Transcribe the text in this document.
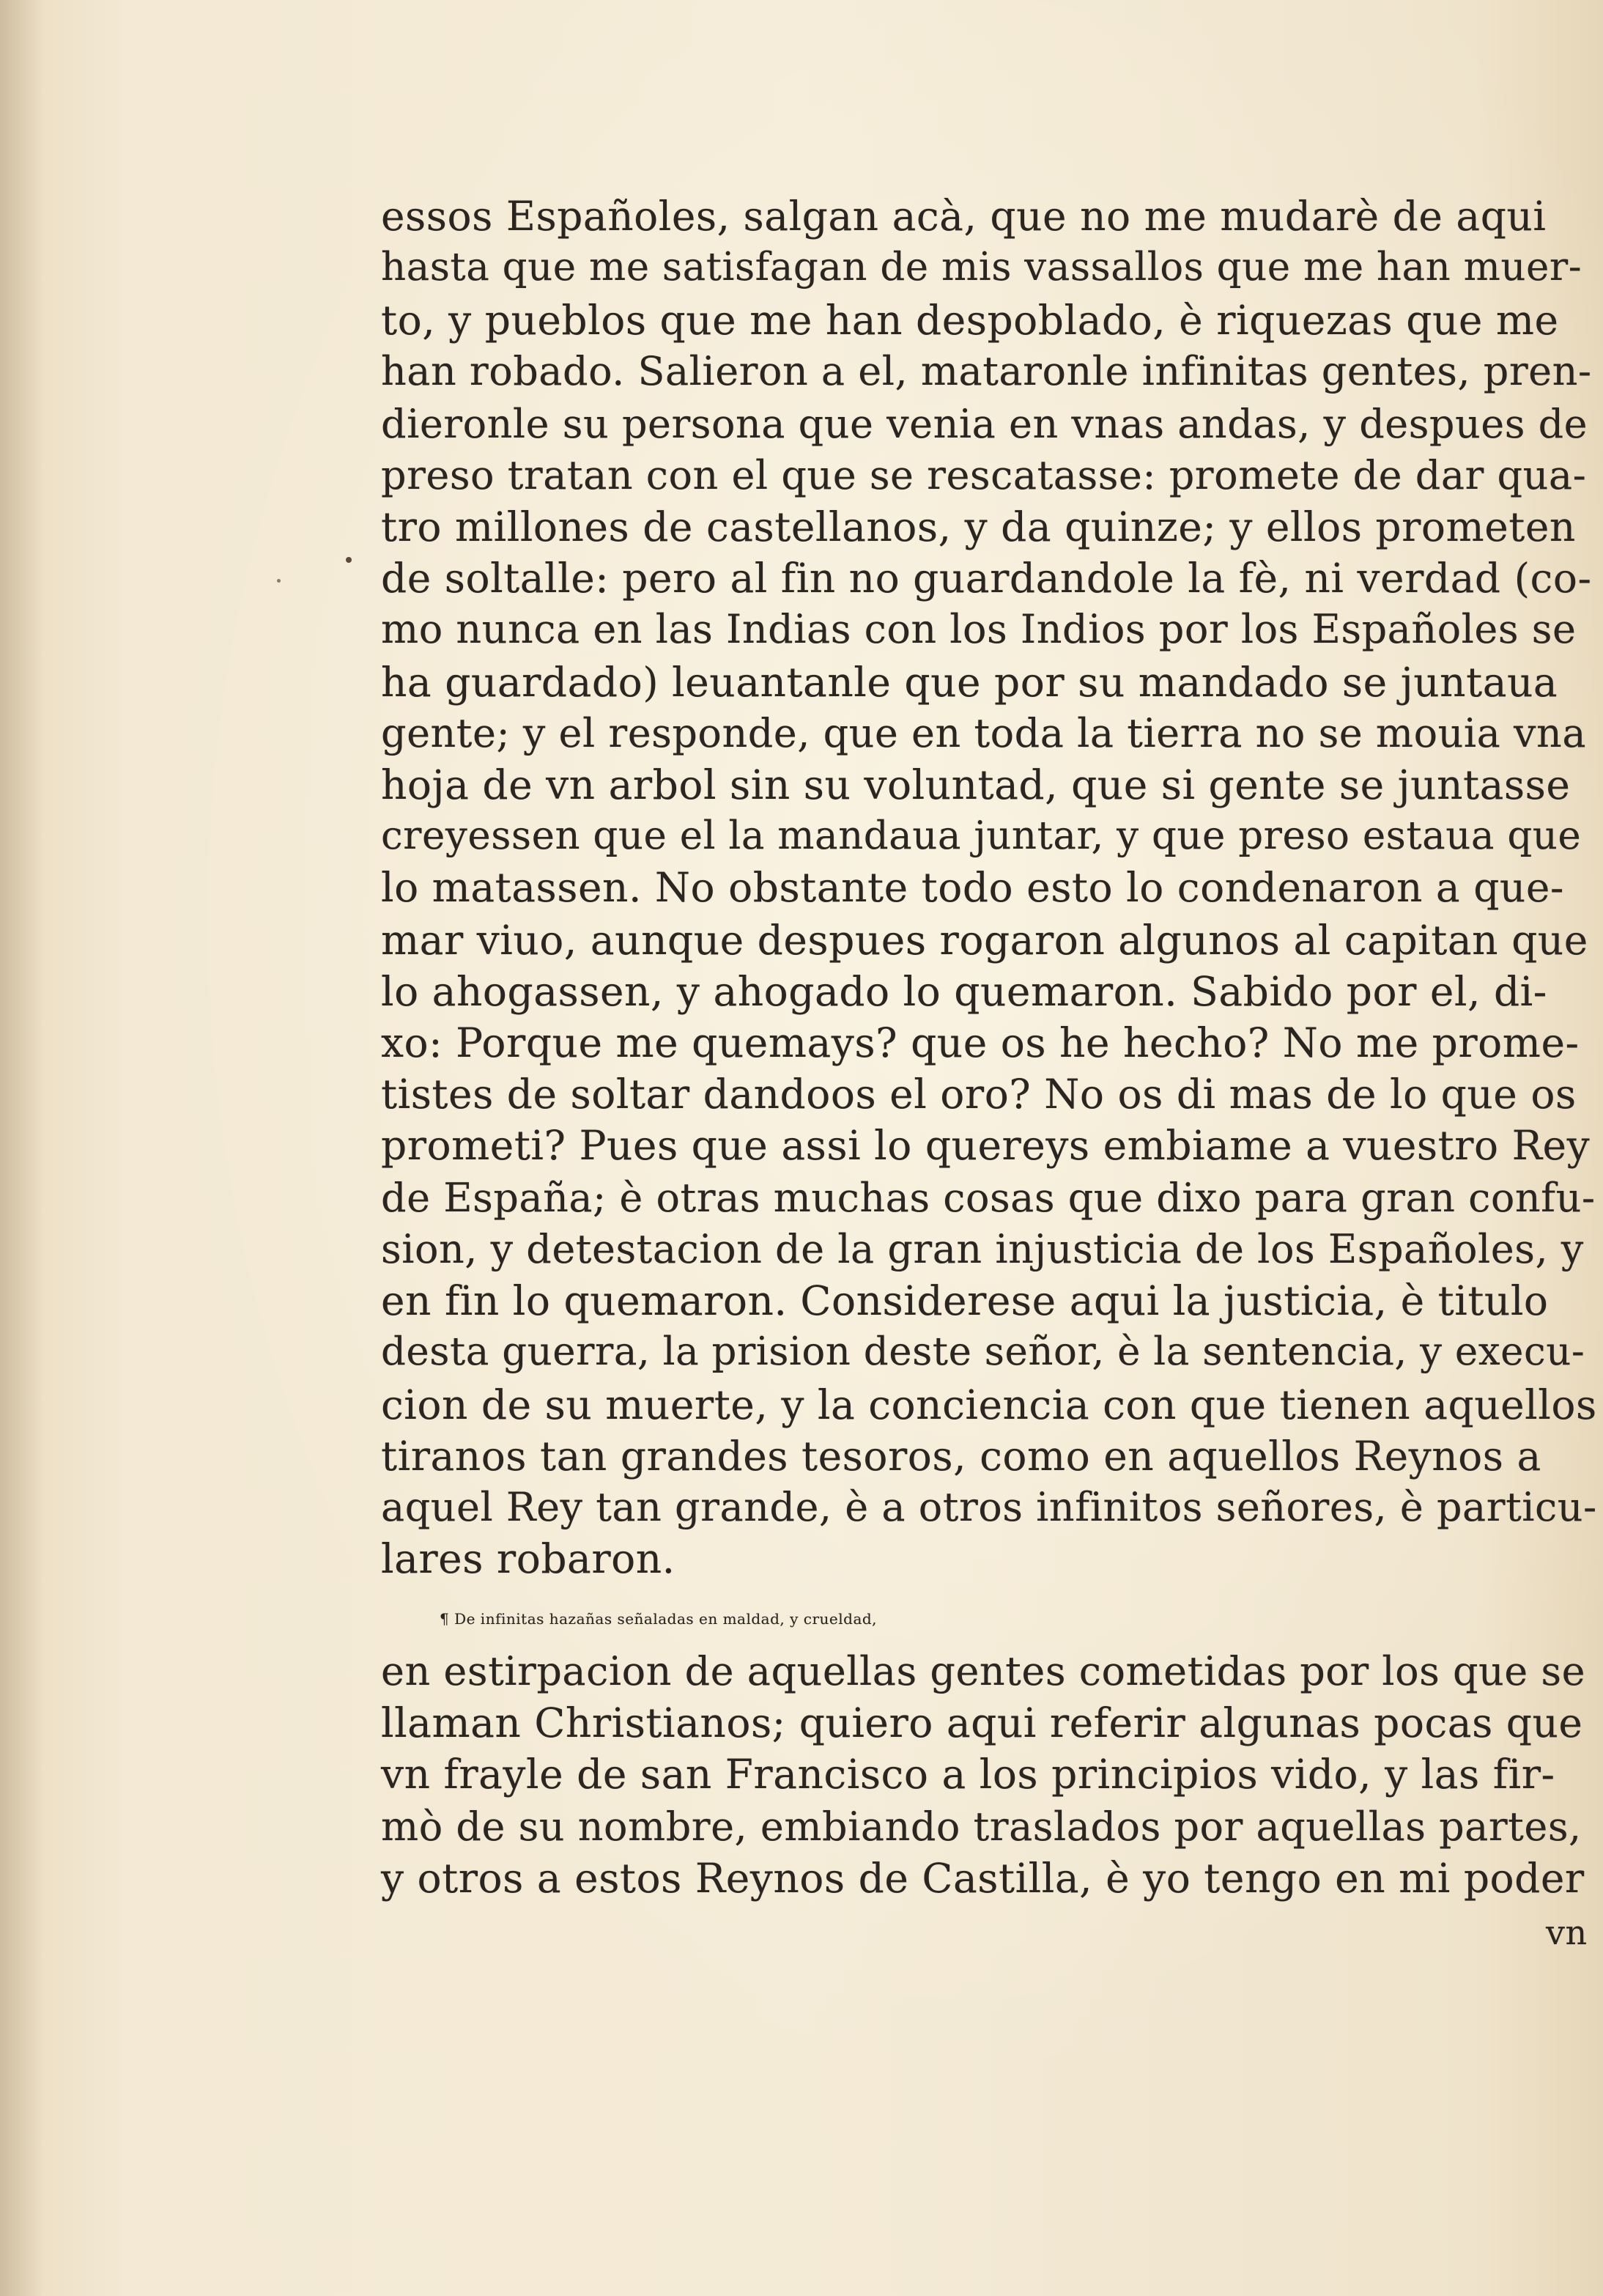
essos Españoles, salgan acà, que no me mudarè de aqui
hasta que me satisfagan de mis vassallos que me han muer-
to, y pueblos que me han despoblado, è riquezas que me
han robado. Salieron a el, mataronle infinitas gentes, pren-
dieronle su persona que venia en vnas andas, y despues de
preso tratan con el que se rescatasse: promete de dar qua-
tro millones de castellanos, y da quinze; y ellos prometen
de soltalle: pero al fin no guardandole la fè, ni verdad (co-
mo nunca en las Indias con los Indios por los Españoles se
ha guardado) leuantanle que por su mandado se juntaua
gente; y el responde, que en toda la tierra no se mouia vna
hoja de vn arbol sin su voluntad, que si gente se juntasse
creyessen que el la mandaua juntar, y que preso estaua que
lo matassen. No obstante todo esto lo condenaron a que-
mar viuo, aunque despues rogaron algunos al capitan que
lo ahogassen, y ahogado lo quemaron. Sabido por el, di-
xo: Porque me quemays? que os he hecho? No me prome-
tistes de soltar dandoos el oro? No os di mas de lo que os
prometi? Pues que assi lo quereys embiame a vuestro Rey
de España; è otras muchas cosas que dixo para gran confu-
sion, y detestacion de la gran injusticia de los Españoles, y
en fin lo quemaron. Considerese aqui la justicia, è titulo
desta guerra, la prision deste señor, è la sentencia, y execu-
cion de su muerte, y la conciencia con que tienen aquellos
tiranos tan grandes tesoros, como en aquellos Reynos a
aquel Rey tan grande, è a otros infinitos señores, è particu-
lares robaron.
¶ De infinitas hazañas señaladas en maldad, y crueldad,
en estirpacion de aquellas gentes cometidas por los que se
llaman Christianos; quiero aqui referir algunas pocas que
vn frayle de san Francisco a los principios vido, y las fir-
mò de su nombre, embiando traslados por aquellas partes,
y otros a estos Reynos de Castilla, è yo tengo en mi poder
vn
